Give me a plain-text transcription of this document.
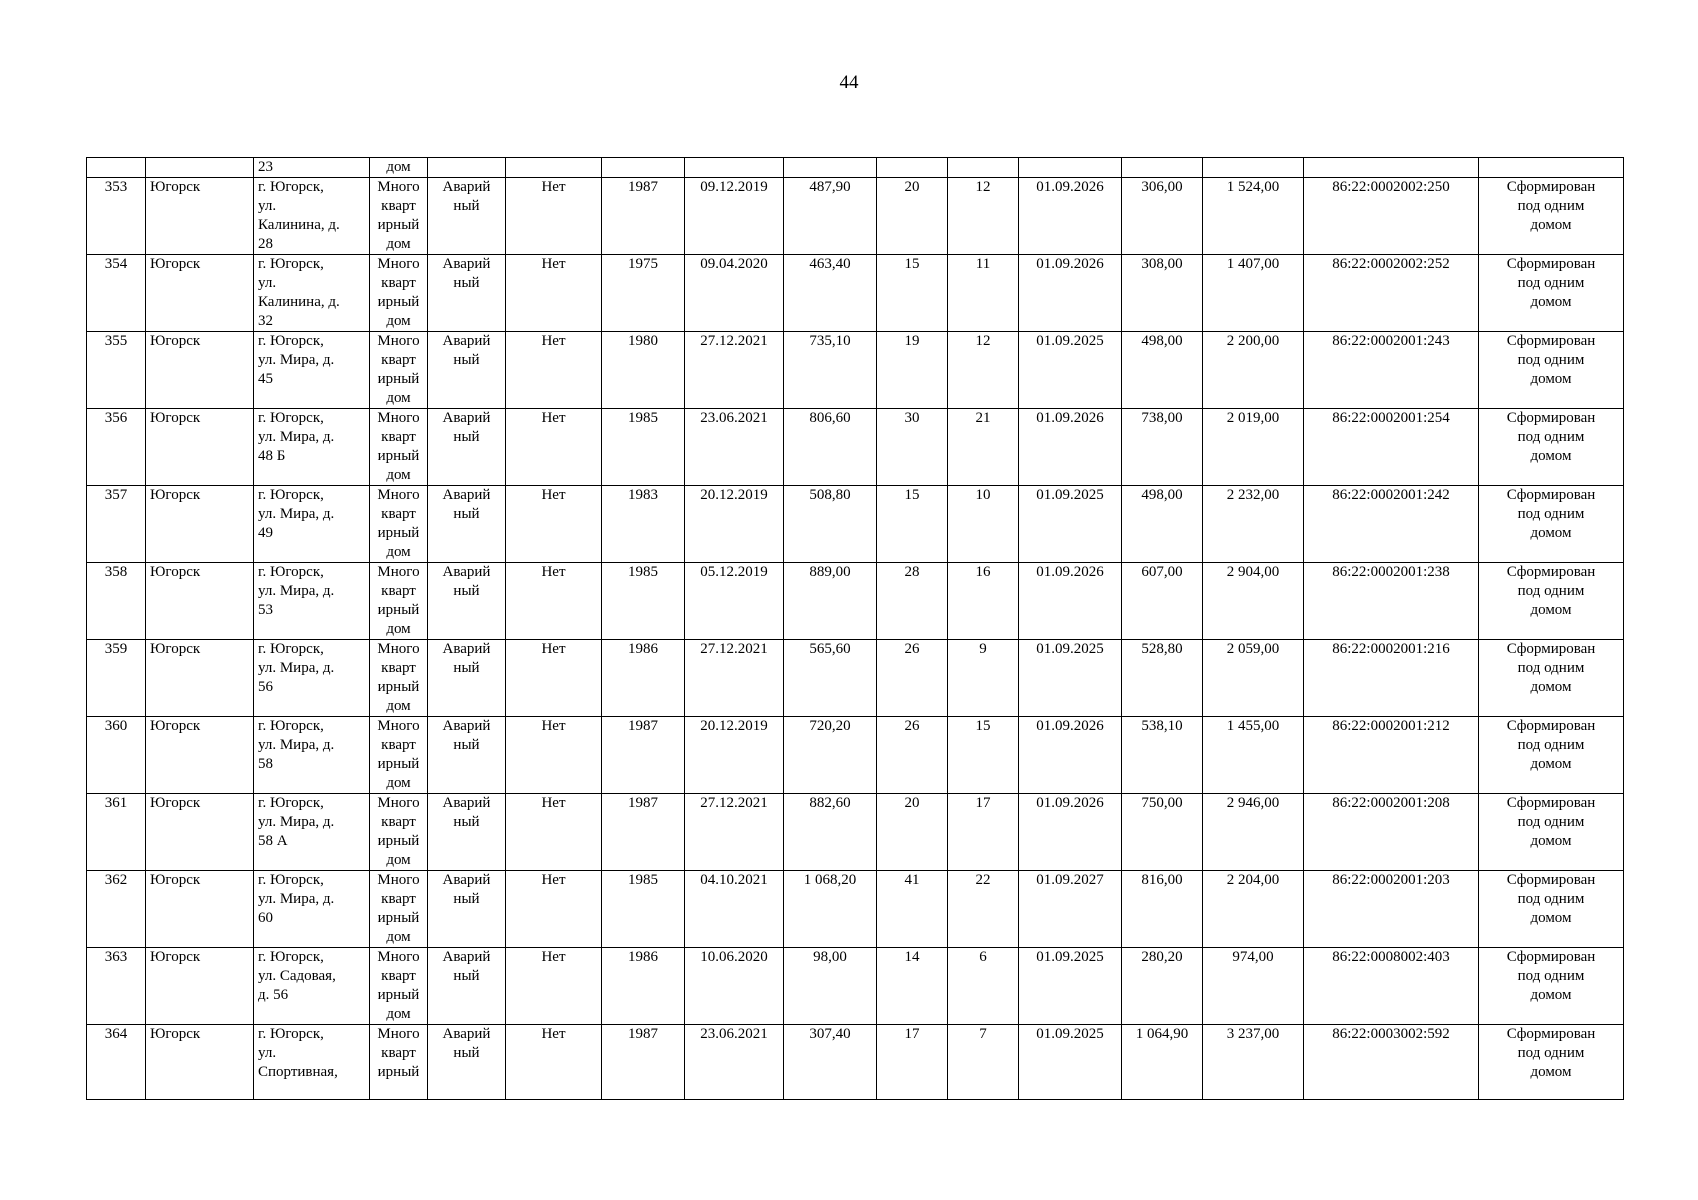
44
		23	дом												
353	Югорск	г. Югорск,
ул.
Калинина, д.
28	Много
кварт
ирный
дом	Аварий
ный	Нет	1987	09.12.2019	487,90	20	12	01.09.2026	306,00	1 524,00	86:22:0002002:250	Сформирован
под одним
домом

354	Югорск	г. Югорск,
ул.
Калинина, д.
32	Много
кварт
ирный
дом	Аварий
ный	Нет	1975	09.04.2020	463,40	15	11	01.09.2026	308,00	1 407,00	86:22:0002002:252	Сформирован
под одним
домом

355	Югорск	г. Югорск,
ул. Мира, д.
45	Много
кварт
ирный
дом	Аварий
ный	Нет	1980	27.12.2021	735,10	19	12	01.09.2025	498,00	2 200,00	86:22:0002001:243	Сформирован
под одним
домом

356	Югорск	г. Югорск,
ул. Мира, д.
48 Б	Много
кварт
ирный
дом	Аварий
ный	Нет	1985	23.06.2021	806,60	30	21	01.09.2026	738,00	2 019,00	86:22:0002001:254	Сформирован
под одним
домом

357	Югорск	г. Югорск,
ул. Мира, д.
49	Много
кварт
ирный
дом	Аварий
ный	Нет	1983	20.12.2019	508,80	15	10	01.09.2025	498,00	2 232,00	86:22:0002001:242	Сформирован
под одним
домом

358	Югорск	г. Югорск,
ул. Мира, д.
53	Много
кварт
ирный
дом	Аварий
ный	Нет	1985	05.12.2019	889,00	28	16	01.09.2026	607,00	2 904,00	86:22:0002001:238	Сформирован
под одним
домом

359	Югорск	г. Югорск,
ул. Мира, д.
56	Много
кварт
ирный
дом	Аварий
ный	Нет	1986	27.12.2021	565,60	26	9	01.09.2025	528,80	2 059,00	86:22:0002001:216	Сформирован
под одним
домом

360	Югорск	г. Югорск,
ул. Мира, д.
58	Много
кварт
ирный
дом	Аварий
ный	Нет	1987	20.12.2019	720,20	26	15	01.09.2026	538,10	1 455,00	86:22:0002001:212	Сформирован
под одним
домом

361	Югорск	г. Югорск,
ул. Мира, д.
58 А	Много
кварт
ирный
дом	Аварий
ный	Нет	1987	27.12.2021	882,60	20	17	01.09.2026	750,00	2 946,00	86:22:0002001:208	Сформирован
под одним
домом

362	Югорск	г. Югорск,
ул. Мира, д.
60	Много
кварт
ирный
дом	Аварий
ный	Нет	1985	04.10.2021	1 068,20	41	22	01.09.2027	816,00	2 204,00	86:22:0002001:203	Сформирован
под одним
домом

363	Югорск	г. Югорск,
ул. Садовая,
д. 56	Много
кварт
ирный
дом	Аварий
ный	Нет	1986	10.06.2020	98,00	14	6	01.09.2025	280,20	974,00	86:22:0008002:403	Сформирован
под одним
домом

364	Югорск	г. Югорск,
ул.
Спортивная,	Много
кварт
ирный	Аварий
ный	Нет	1987	23.06.2021	307,40	17	7	01.09.2025	1 064,90	3 237,00	86:22:0003002:592	Сформирован
под одним
домом
